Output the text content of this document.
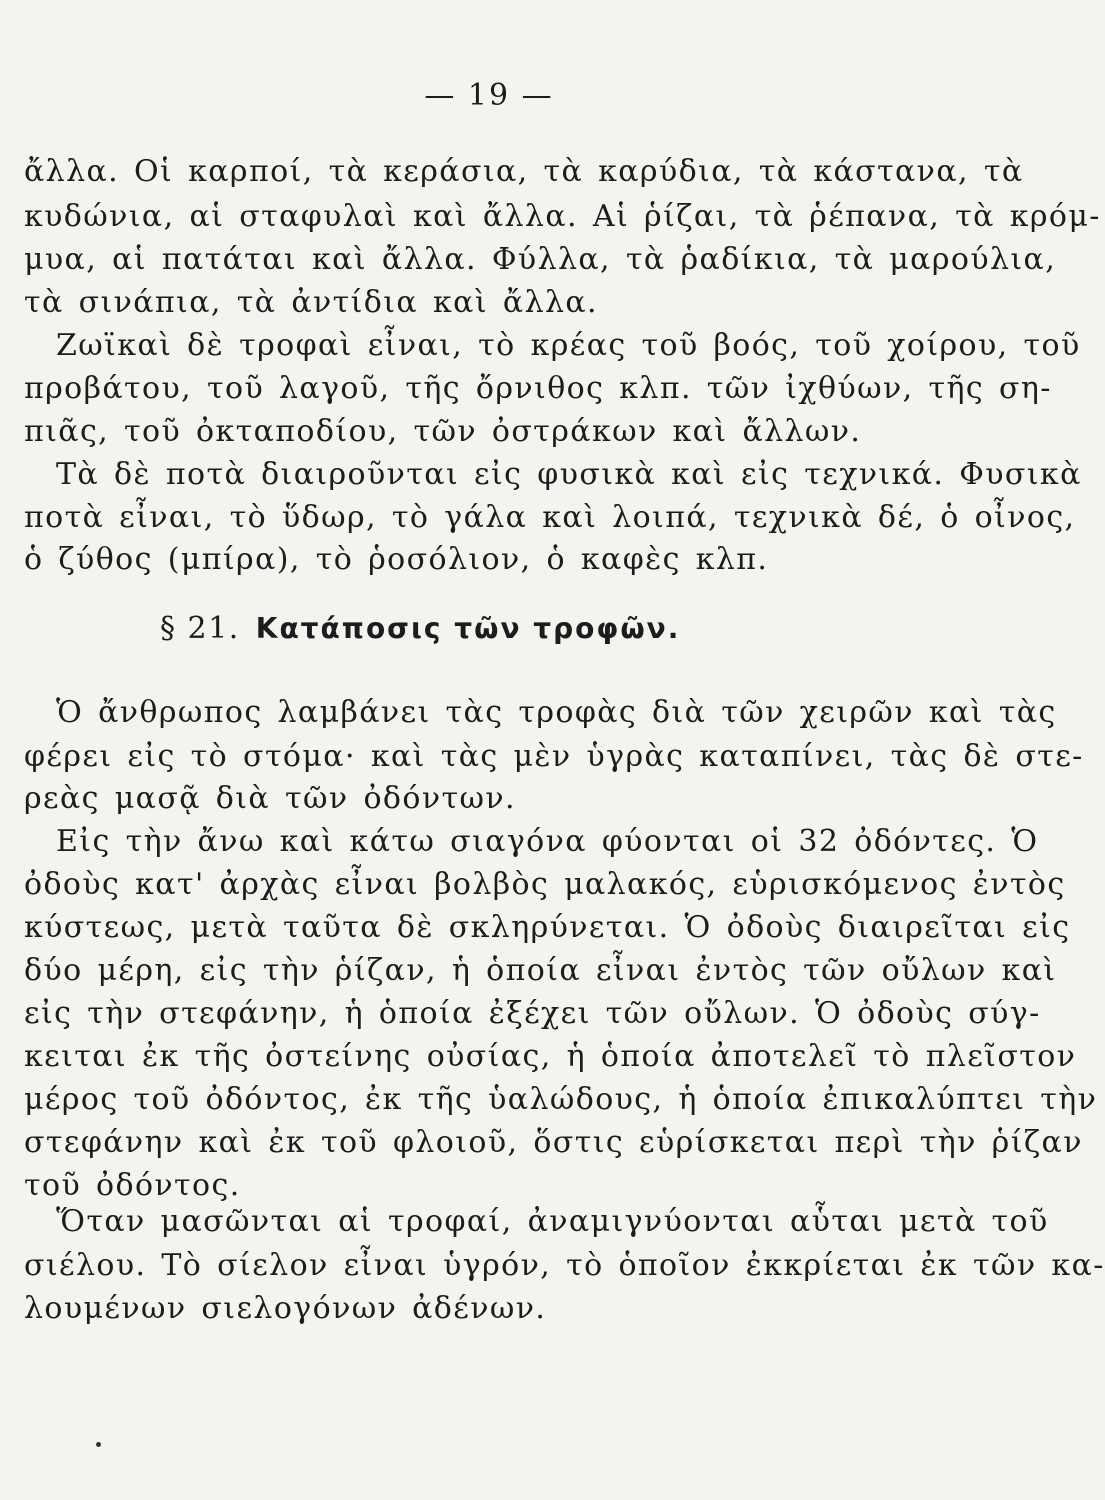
— 19 —
ἄλλα. Οἱ καρποί, τὰ κεράσια, τὰ καρύδια, τὰ κάστανα, τὰ
κυδώνια, αἱ σταφυλαὶ καὶ ἄλλα. Αἱ ῥίζαι, τὰ ῥέπανα, τὰ κρόμ-
μυα, αἱ πατάται καὶ ἄλλα. Φύλλα, τὰ ῥαδίκια, τὰ μαρούλια,
τὰ σινάπια, τὰ ἀντίδια καὶ ἄλλα.
Ζωϊκαὶ δὲ τροφαὶ εἶναι, τὸ κρέας τοῦ βοός, τοῦ χοίρου, τοῦ
προβάτου, τοῦ λαγοῦ, τῆς ὄρνιθος κλπ. τῶν ἰχθύων, τῆς ση-
πιᾶς, τοῦ ὀκταποδίου, τῶν ὀστράκων καὶ ἄλλων.
Τὰ δὲ ποτὰ διαιροῦνται εἰς φυσικὰ καὶ εἰς τεχνικά. Φυσικὰ
ποτὰ εἶναι, τὸ ὕδωρ, τὸ γάλα καὶ λοιπά, τεχνικὰ δέ, ὁ οἶνος,
ὁ ζύθος (μπίρα), τὸ ῥοσόλιον, ὁ καφὲς κλπ.
§ 21. Κατάποσις τῶν τροφῶν.
Ὁ ἄνθρωπος λαμβάνει τὰς τροφὰς διὰ τῶν χειρῶν καὶ τὰς
φέρει εἰς τὸ στόμα· καὶ τὰς μὲν ὑγρὰς καταπίνει, τὰς δὲ στε-
ρεὰς μασᾷ διὰ τῶν ὀδόντων.
Εἰς τὴν ἄνω καὶ κάτω σιαγόνα φύονται οἱ 32 ὀδόντες. Ὁ
ὀδοὺς κατ' ἀρχὰς εἶναι βολβὸς μαλακός, εὑρισκόμενος ἐντὸς
κύστεως, μετὰ ταῦτα δὲ σκληρύνεται. Ὁ ὀδοὺς διαιρεῖται εἰς
δύο μέρη, εἰς τὴν ῥίζαν, ἡ ὁποία εἶναι ἐντὸς τῶν οὔλων καὶ
εἰς τὴν στεφάνην, ἡ ὁποία ἐξέχει τῶν οὔλων. Ὁ ὀδοὺς σύγ-
κειται ἐκ τῆς ὀστείνης οὐσίας, ἡ ὁποία ἀποτελεῖ τὸ πλεῖστον
μέρος τοῦ ὀδόντος, ἐκ τῆς ὑαλώδους, ἡ ὁποία ἐπικαλύπτει τὴν
στεφάνην καὶ ἐκ τοῦ φλοιοῦ, ὅστις εὑρίσκεται περὶ τὴν ῥίζαν
τοῦ ὀδόντος.
Ὅταν μασῶνται αἱ τροφαί, ἀναμιγνύονται αὗται μετὰ τοῦ
σιέλου. Τὸ σίελον εἶναι ὑγρόν, τὸ ὁποῖον ἐκκρίεται ἐκ τῶν κα-
λουμένων σιελογόνων ἀδένων.
